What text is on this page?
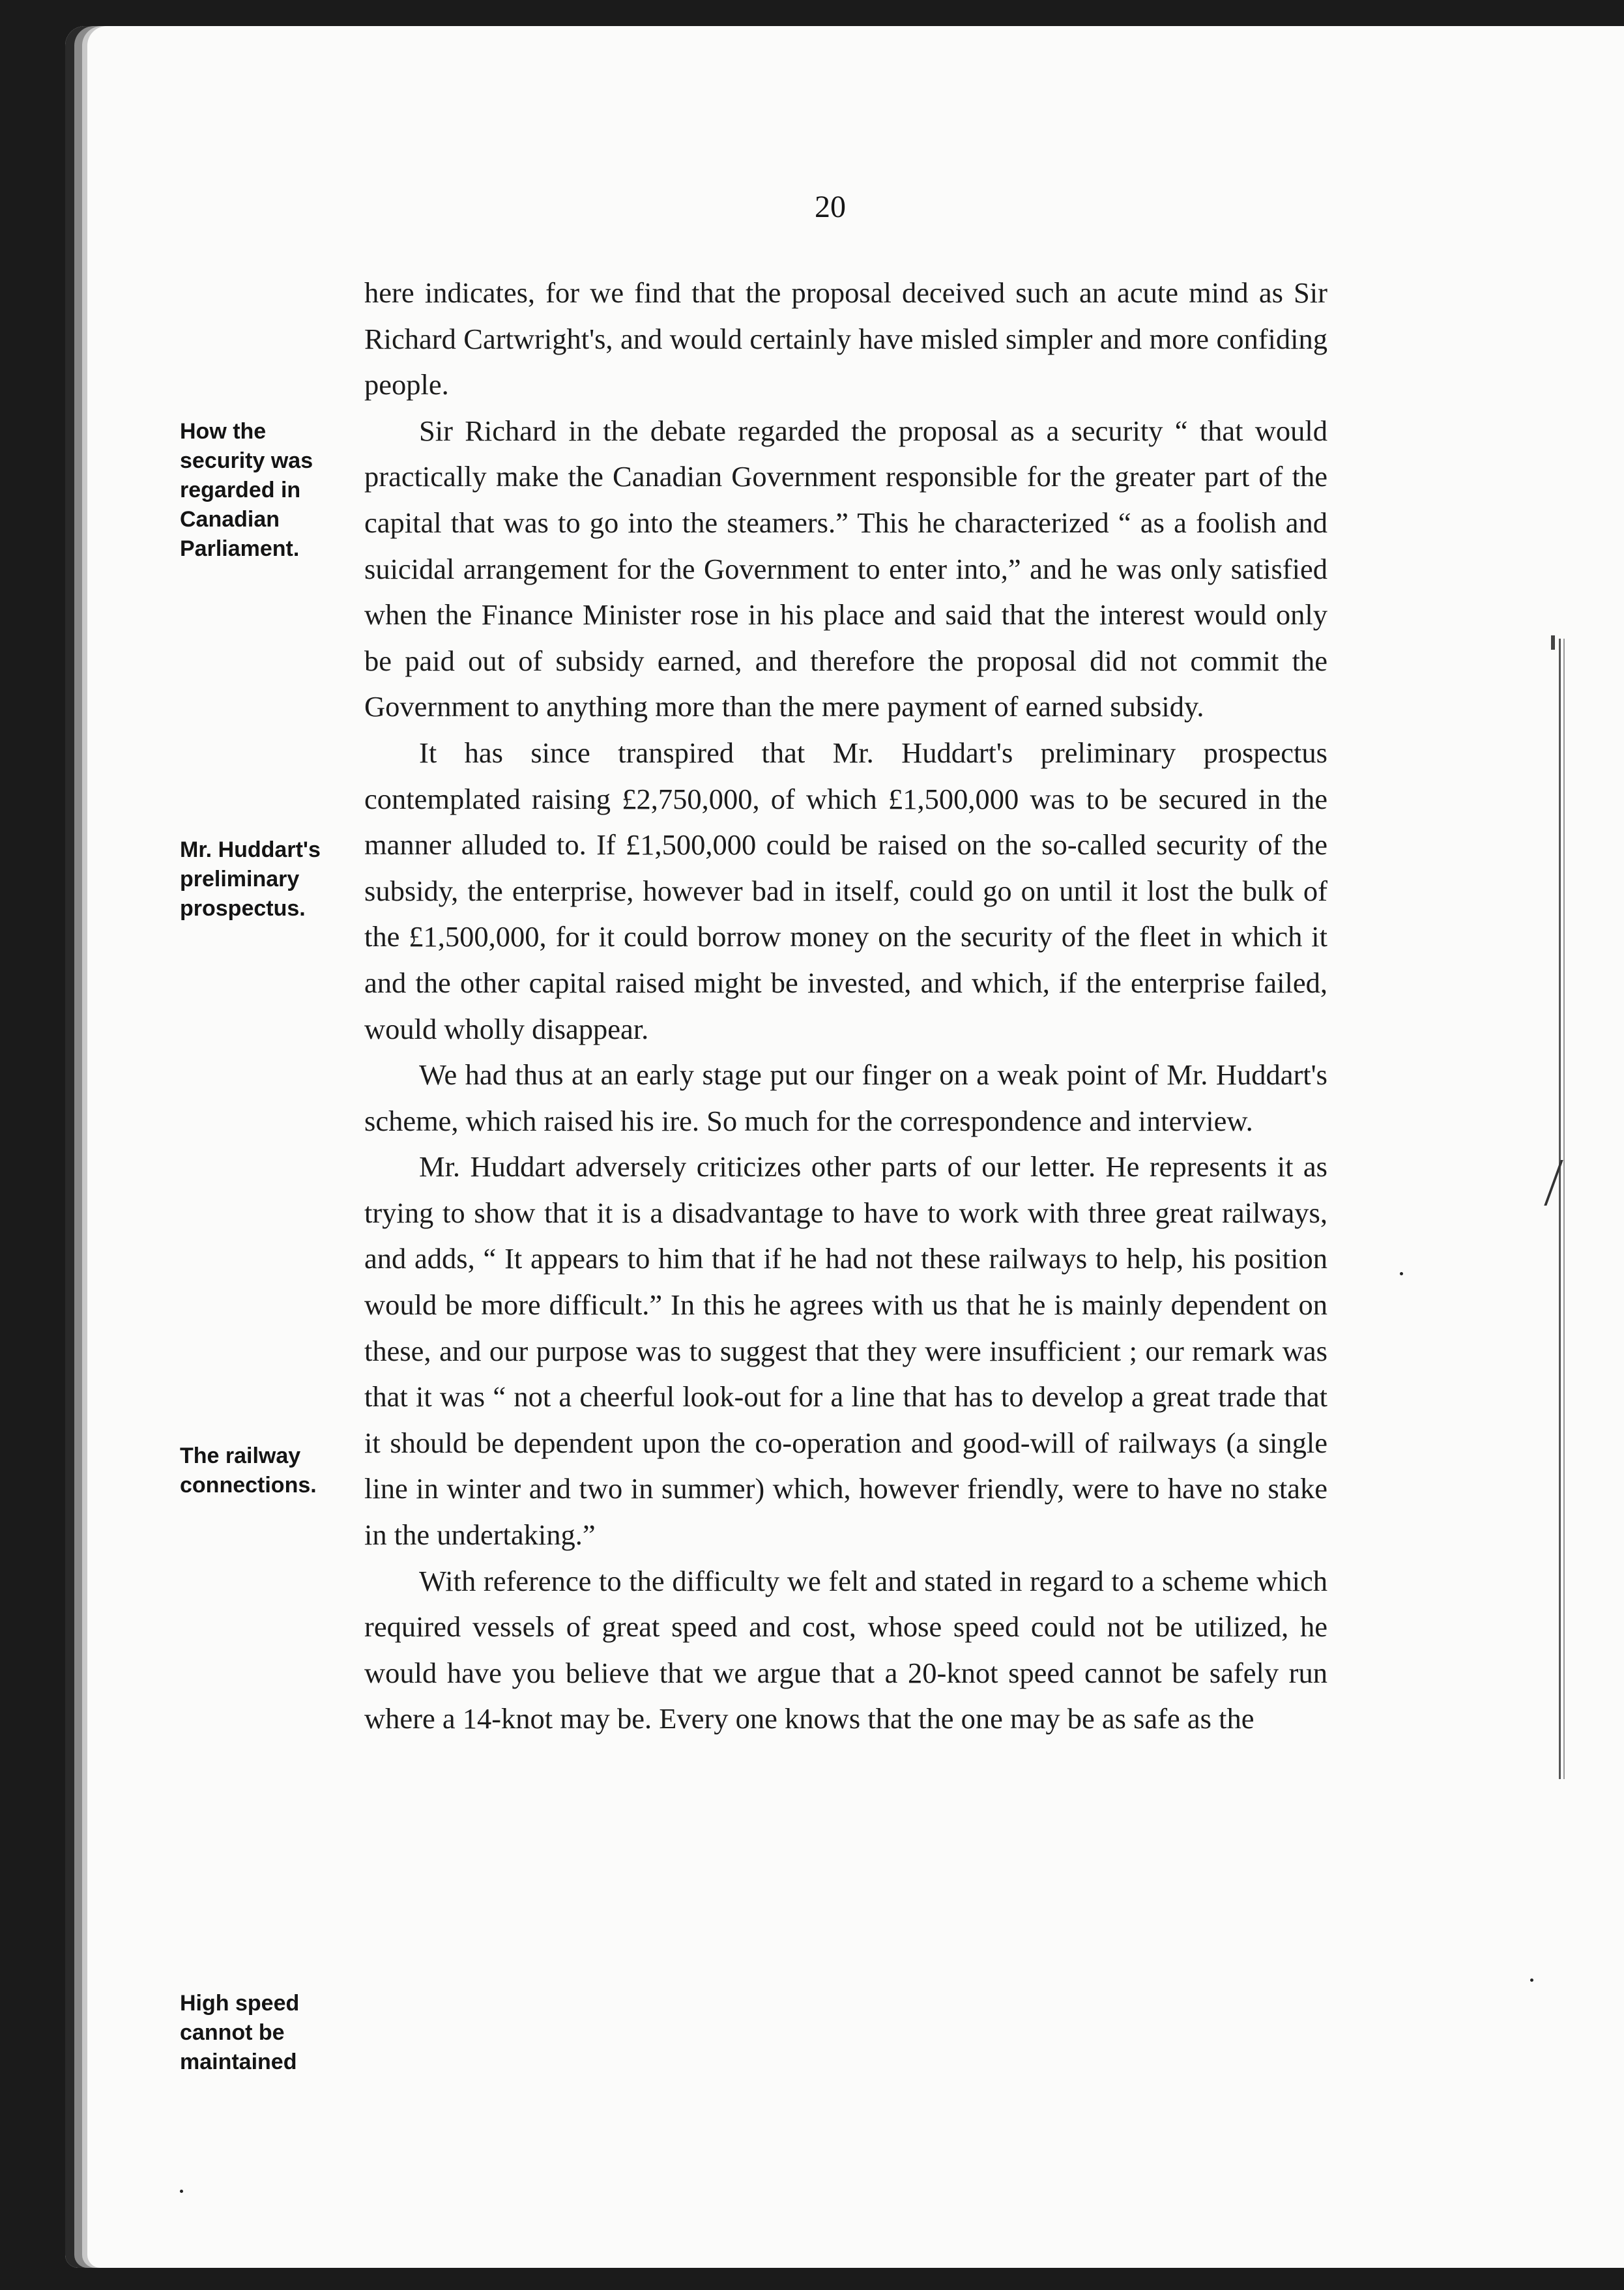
20
How the
security was
regarded in
Canadian
Parliament.
Mr. Huddart's
preliminary
prospectus.
The railway
connections.
High speed
cannot be
maintained

here indicates, for we find that the proposal deceived such an acute mind as Sir Richard Cartwright's, and would certainly have misled simpler and more confiding people.

Sir Richard in the debate regarded the proposal as a security “ that would practically make the Canadian Government responsible for the greater part of the capital that was to go into the steamers.” This he characterized “ as a foolish and suicidal arrangement for the Government to enter into,” and he was only satisfied when the Finance Minister rose in his place and said that the interest would only be paid out of subsidy earned, and therefore the proposal did not commit the Government to anything more than the mere payment of earned subsidy.

It has since transpired that Mr. Huddart's preliminary prospectus contemplated raising £2,750,000, of which £1,500,000 was to be secured in the manner alluded to. If £1,500,000 could be raised on the so-called security of the subsidy, the enterprise, however bad in itself, could go on until it lost the bulk of the £1,500,000, for it could borrow money on the security of the fleet in which it and the other capital raised might be invested, and which, if the enterprise failed, would wholly disappear.

We had thus at an early stage put our finger on a weak point of Mr. Huddart's scheme, which raised his ire. So much for the correspondence and interview.

Mr. Huddart adversely criticizes other parts of our letter. He represents it as trying to show that it is a disadvantage to have to work with three great railways, and adds, “ It appears to him that if he had not these railways to help, his position would be more difficult.” In this he agrees with us that he is mainly dependent on these, and our purpose was to suggest that they were insufficient ; our remark was that it was “ not a cheerful look-out for a line that has to develop a great trade that it should be dependent upon the co-operation and good-will of railways (a single line in winter and two in summer) which, however friendly, were to have no stake in the undertaking.”

With reference to the difficulty we felt and stated in regard to a scheme which required vessels of great speed and cost, whose speed could not be utilized, he would have you believe that we argue that a 20-knot speed cannot be safely run where a 14-knot may be. Every one knows that the one may be as safe as the
